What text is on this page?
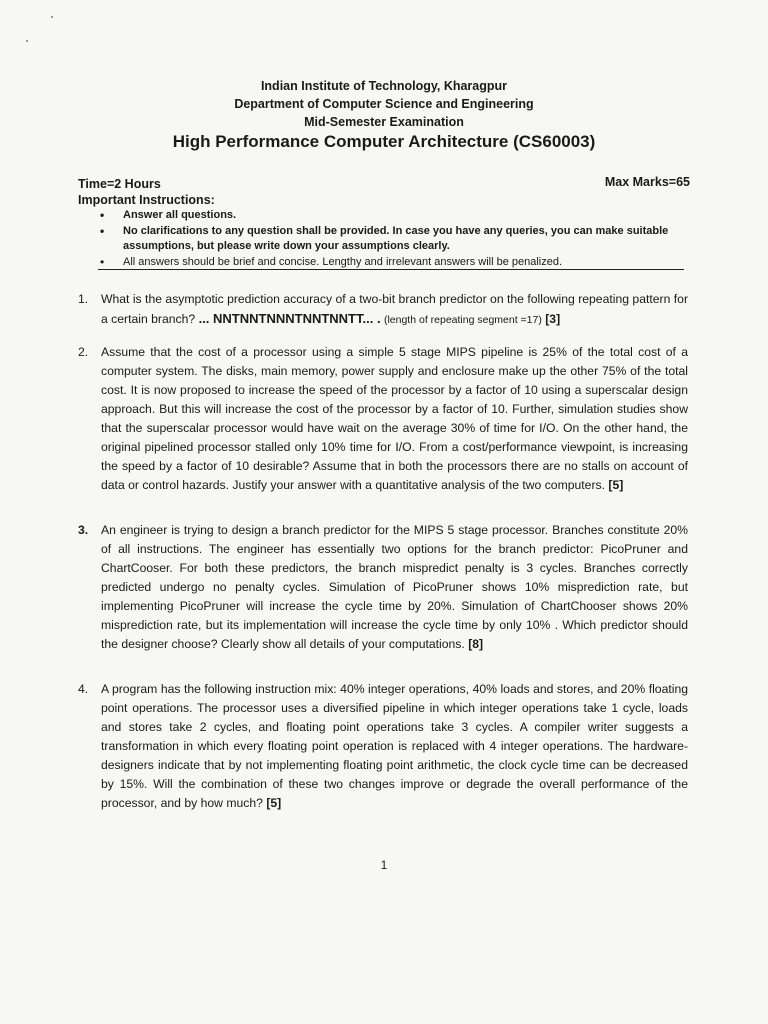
Indian Institute of Technology, Kharagpur
Department of Computer Science and Engineering
Mid-Semester Examination
High Performance Computer Architecture (CS60003)
Time=2 Hours	Max Marks=65
Important Instructions:
• Answer all questions.
• No clarifications to any question shall be provided. In case you have any queries, you can make suitable assumptions, but please write down your assumptions clearly.
• All answers should be brief and concise. Lengthy and irrelevant answers will be penalized.
1. What is the asymptotic prediction accuracy of a two-bit branch predictor on the following repeating pattern for a certain branch? ... NNTNNTNNNTNNTNNTT... . (length of repeating segment =17) [3]
2. Assume that the cost of a processor using a simple 5 stage MIPS pipeline is 25% of the total cost of a computer system. The disks, main memory, power supply and enclosure make up the other 75% of the total cost. It is now proposed to increase the speed of the processor by a factor of 10 using a superscalar design approach. But this will increase the cost of the processor by a factor of 10. Further, simulation studies show that the superscalar processor would have wait on the average 30% of time for I/O. On the other hand, the original pipelined processor stalled only 10% time for I/O. From a cost/performance viewpoint, is increasing the speed by a factor of 10 desirable? Assume that in both the processors there are no stalls on account of data or control hazards. Justify your answer with a quantitative analysis of the two computers. [5]
3. An engineer is trying to design a branch predictor for the MIPS 5 stage processor. Branches constitute 20% of all instructions. The engineer has essentially two options for the branch predictor: PicoPruner and ChartCooser. For both these predictors, the branch mispredict penalty is 3 cycles. Branches correctly predicted undergo no penalty cycles. Simulation of PicoPruner shows 10% misprediction rate, but implementing PicoPruner will increase the cycle time by 20%. Simulation of ChartChooser shows 20% misprediction rate, but its implementation will increase the cycle time by only 10% . Which predictor should the designer choose? Clearly show all details of your computations. [8]
4. A program has the following instruction mix: 40% integer operations, 40% loads and stores, and 20% floating point operations. The processor uses a diversified pipeline in which integer operations take 1 cycle, loads and stores take 2 cycles, and floating point operations take 3 cycles. A compiler writer suggests a transformation in which every floating point operation is replaced with 4 integer operations. The hardware-designers indicate that by not implementing floating point arithmetic, the clock cycle time can be decreased by 15%. Will the combination of these two changes improve or degrade the overall performance of the processor, and by how much? [5]
1
